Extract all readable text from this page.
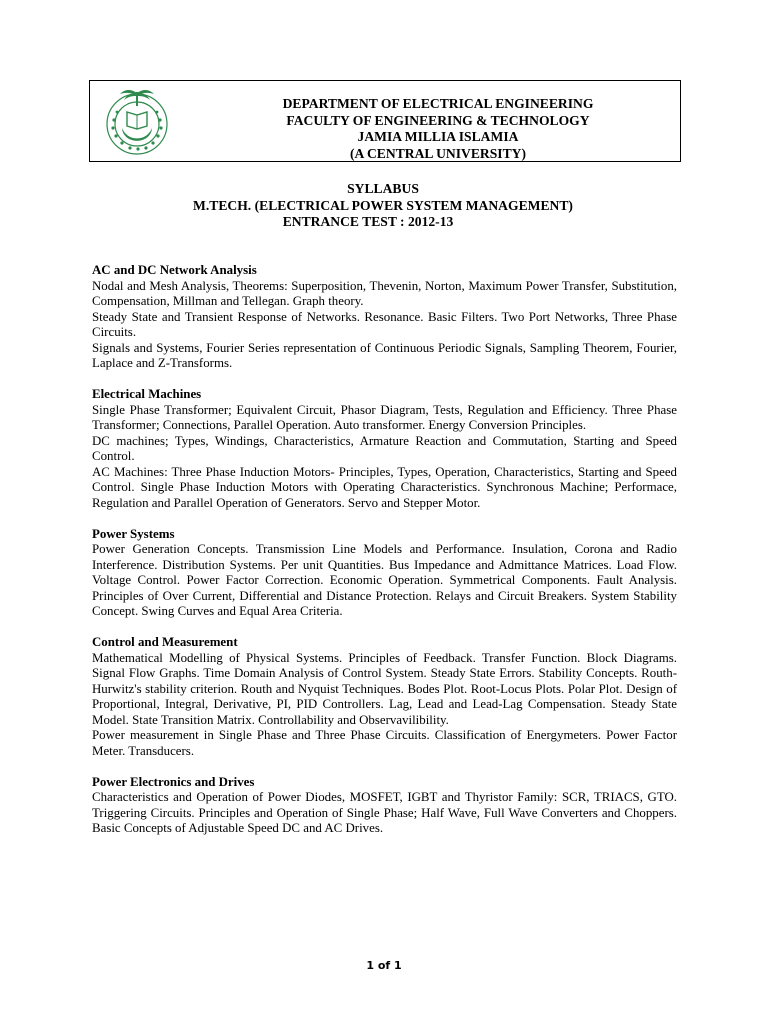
DEPARTMENT OF ELECTRICAL ENGINEERING
FACULTY OF ENGINEERING & TECHNOLOGY
JAMIA MILLIA ISLAMIA
(A CENTRAL UNIVERSITY)
SYLLABUS
M.TECH. (ELECTRICAL POWER SYSTEM MANAGEMENT)
ENTRANCE TEST : 2012-13

AC and DC Network Analysis

Nodal and Mesh Analysis, Theorems: Superposition, Thevenin, Norton, Maximum Power Transfer, Substitution, Compensation, Millman and Tellegan. Graph theory.

Steady State and Transient Response of Networks. Resonance. Basic Filters. Two Port Networks, Three Phase Circuits.

Signals and Systems, Fourier Series representation of Continuous Periodic Signals, Sampling Theorem, Fourier, Laplace and Z-Transforms.

Electrical Machines

Single Phase Transformer; Equivalent Circuit, Phasor Diagram, Tests, Regulation and Efficiency. Three Phase Transformer; Connections, Parallel Operation. Auto transformer. Energy Conversion Principles.

DC machines; Types, Windings, Characteristics, Armature Reaction and Commutation, Starting and Speed Control.

AC Machines: Three Phase Induction Motors- Principles, Types, Operation, Characteristics, Starting and Speed Control. Single Phase Induction Motors with Operating Characteristics. Synchronous Machine; Performace, Regulation and Parallel Operation of Generators. Servo and Stepper Motor.

Power Systems

Power Generation Concepts. Transmission Line Models and Performance. Insulation, Corona and Radio Interference. Distribution Systems. Per unit Quantities. Bus Impedance and Admittance Matrices. Load Flow. Voltage Control. Power Factor Correction. Economic Operation. Symmetrical Components. Fault Analysis. Principles of Over Current, Differential and Distance Protection. Relays and Circuit Breakers. System Stability Concept. Swing Curves and Equal Area Criteria.

Control and Measurement

Mathematical Modelling of Physical Systems. Principles of Feedback. Transfer Function. Block Diagrams. Signal Flow Graphs. Time Domain Analysis of Control System. Steady State Errors. Stability Concepts. Routh-Hurwitz's stability criterion. Routh and Nyquist Techniques. Bodes Plot. Root-Locus Plots. Polar Plot. Design of Proportional, Integral, Derivative, PI, PID Controllers. Lag, Lead and Lead-Lag Compensation. Steady State Model. State Transition Matrix. Controllability and Observavilibility.

Power measurement in Single Phase and Three Phase Circuits. Classification of Energymeters. Power Factor Meter. Transducers.

Power Electronics and Drives

Characteristics and Operation of Power Diodes, MOSFET, IGBT and Thyristor Family: SCR, TRIACS, GTO. Triggering Circuits. Principles and Operation of Single Phase; Half Wave, Full Wave Converters and Choppers. Basic Concepts of Adjustable Speed DC and AC Drives.

1 of 1
